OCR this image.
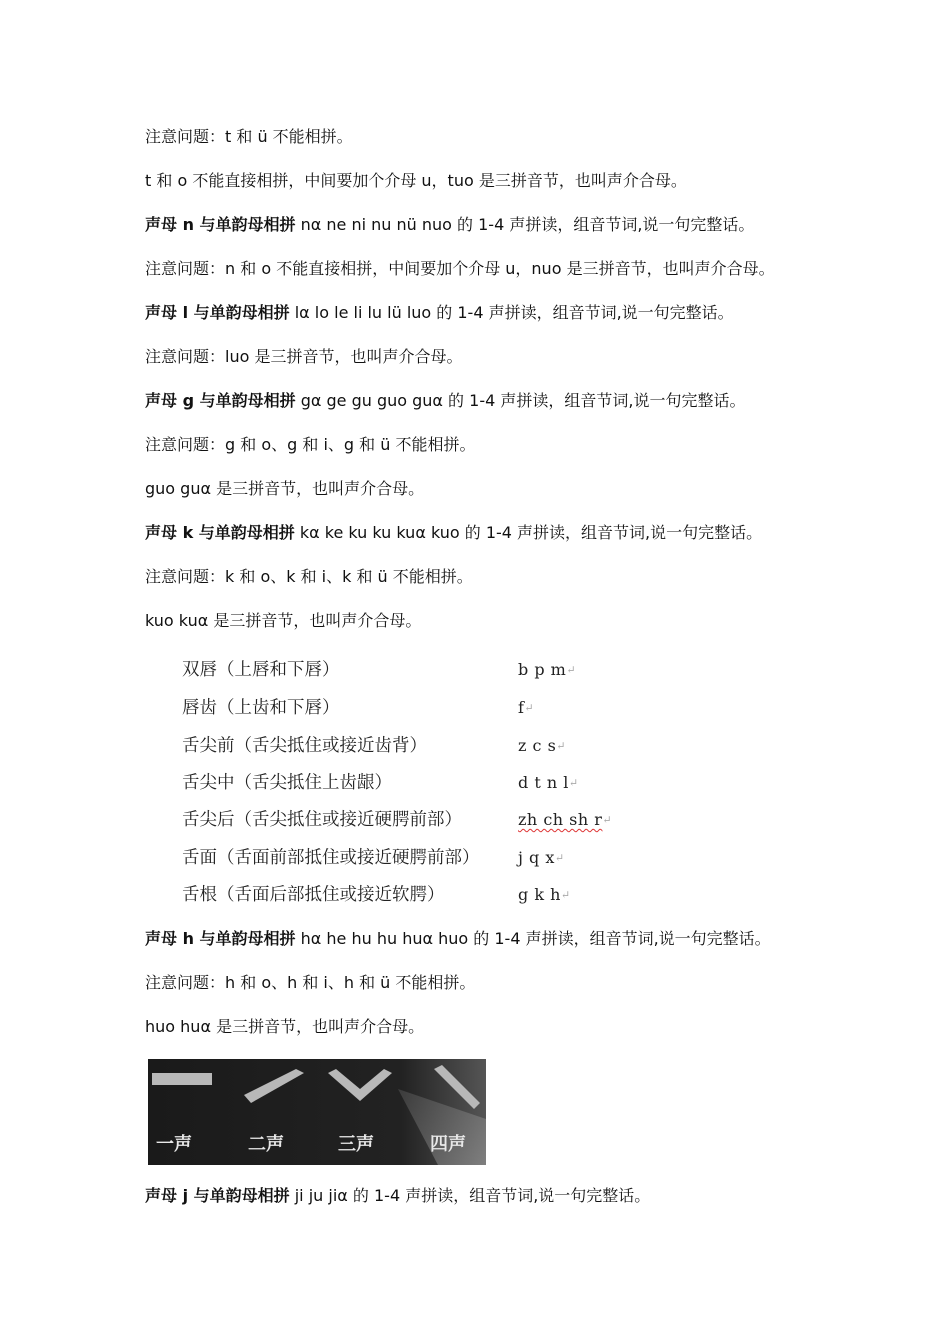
注意问题：t 和 ü 不能相拼。
t 和 o 不能直接相拼，中间要加个介母 u，tuo 是三拼音节，也叫声介合母。
声母 n 与单韵母相拼 nα ne ni nu nü nuo 的 1-4 声拼读，组音节词,说一句完整话。
注意问题：n 和 o 不能直接相拼，中间要加个介母 u，nuo 是三拼音节，也叫声介合母。
声母 l 与单韵母相拼 lα lo le li lu lü luo 的 1-4 声拼读，组音节词,说一句完整话。
注意问题：luo 是三拼音节，也叫声介合母。
声母 g 与单韵母相拼 gα ge gu guo guα 的 1-4 声拼读，组音节词,说一句完整话。
注意问题：g 和 o、g 和 i、g 和 ü 不能相拼。
guo guα 是三拼音节，也叫声介合母。
声母 k 与单韵母相拼 kα ke ku ku kuα kuo 的 1-4 声拼读，组音节词,说一句完整话。
注意问题：k 和 o、k 和 i、k 和 ü 不能相拼。
kuo kuα 是三拼音节，也叫声介合母。
双唇（上唇和下唇）	b p m↵
唇齿（上齿和下唇）	f↵
舌尖前（舌尖抵住或接近齿背）	z c s↵
舌尖中（舌尖抵住上齿龈）	d t n l↵
舌尖后（舌尖抵住或接近硬腭前部）	zh ch sh r↵
舌面（舌面前部抵住或接近硬腭前部） j q x↵
舌根（舌面后部抵住或接近软腭）	g k h↵
声母 h 与单韵母相拼 hα he hu hu huα huo 的 1-4 声拼读，组音节词,说一句完整话。
注意问题：h 和 o、h 和 i、h 和 ü 不能相拼。
huo huα 是三拼音节，也叫声介合母。
一声	二声	三声	四声
声母 j 与单韵母相拼 ji ju jiα 的 1-4 声拼读，组音节词,说一句完整话。
